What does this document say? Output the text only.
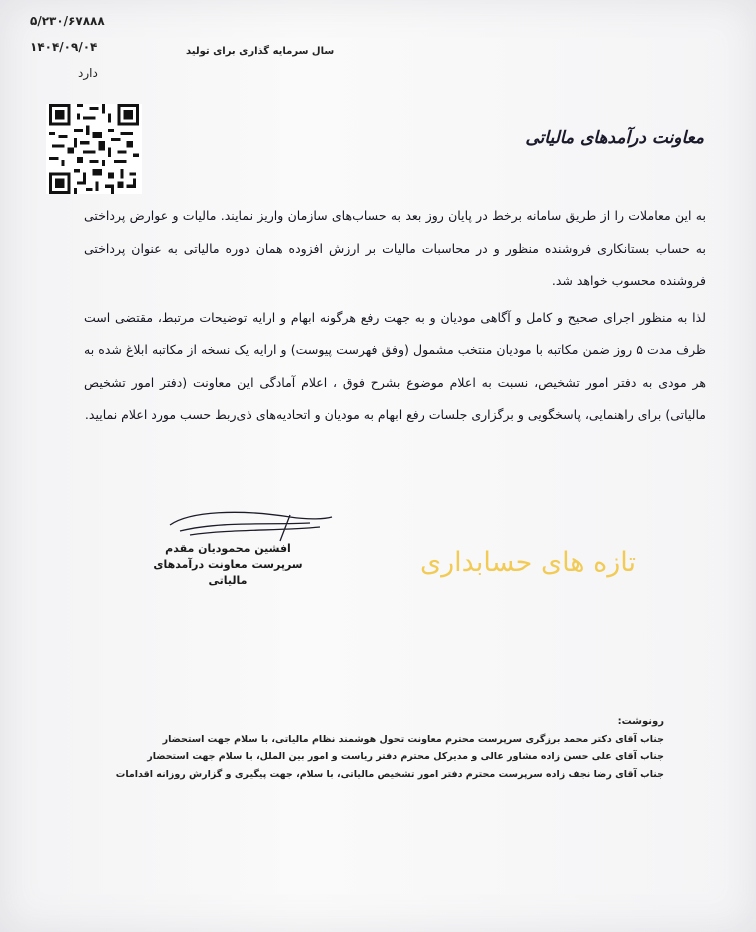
۵/۲۳۰/۶۷۸۸۸
۱۴۰۴/۰۹/۰۴
دارد
سال سرمایه گذاری برای تولید
معاونت درآمدهای مالیاتی

به این معاملات را از طریق سامانه برخط در پایان روز بعد به حساب‌های سازمان واریز نمایند. مالیات و عوارض پرداختی به حساب بستانکاری فروشنده منظور و در محاسبات مالیات بر ارزش افزوده همان دوره مالیاتی به عنوان پرداختی فروشنده محسوب خواهد شد.

لذا به منظور اجرای صحیح و کامل و آگاهی مودیان و به جهت رفع هرگونه ابهام و ارایه توضیحات مرتبط، مقتضی است ظرف مدت ۵ روز ضمن مکاتبه با مودیان منتخب مشمول (وفق فهرست پیوست) و ارایه یک نسخه از مکاتبه ابلاغ شده به هر مودی به دفتر امور تشخیص، نسبت به اعلام موضوع بشرح فوق ، اعلام آمادگی این معاونت (دفتر امور تشخیص مالیاتی) برای راهنمایی، پاسخگویی و برگزاری جلسات رفع ابهام به مودیان و اتحادیه‌های ذی‌ربط حسب مورد اعلام نمایید.

افشین محمودیان مقدم
سرپرست معاونت درآمدهای مالیاتی
تازه های حسابداری
رونوشت:
جناب آقای دکتر محمد برزگری سرپرست محترم معاونت تحول هوشمند نظام مالیاتی، با سلام جهت استحضار
جناب آقای علی حسن زاده مشاور عالی و مدیرکل محترم دفتر ریاست و امور بین الملل، با سلام جهت استحضار
جناب آقای رضا نجف زاده سرپرست محترم دفتر امور تشخیص مالیاتی، با سلام، جهت پیگیری و گزارش روزانه اقدامات
